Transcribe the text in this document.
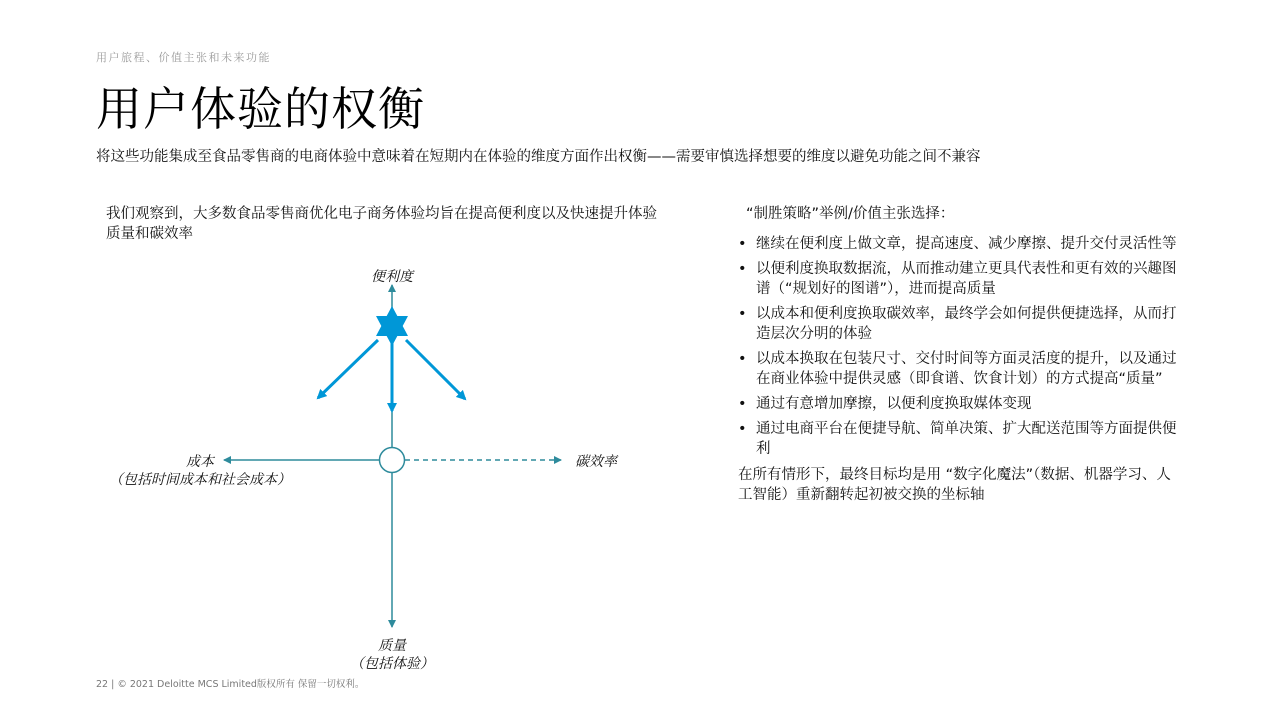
用户旅程、价值主张和未来功能
用户体验的权衡
将这些功能集成至食品零售商的电商体验中意味着在短期内在体验的维度方面作出权衡——需要审慎选择想要的维度以避免功能之间不兼容
我们观察到，大多数食品零售商优化电子商务体验均旨在提高便利度以及快速提升体验质量和碳效率
便利度
成本
（包括时间成本和社会成本）
碳效率
质量
（包括体验）
“制胜策略”举例/价值主张选择：
• 继续在便利度上做文章，提高速度、减少摩擦、提升交付灵活性等
• 以便利度换取数据流，从而推动建立更具代表性和更有效的兴趣图谱（“规划好的图谱”），进而提高质量
• 以成本和便利度换取碳效率，最终学会如何提供便捷选择，从而打造层次分明的体验
• 以成本换取在包装尺寸、交付时间等方面灵活度的提升，以及通过在商业体验中提供灵感（即食谱、饮食计划）的方式提高“质量”
• 通过有意增加摩擦，以便利度换取媒体变现
• 通过电商平台在便捷导航、简单决策、扩大配送范围等方面提供便利
在所有情形下，最终目标均是用 “数字化魔法”（数据、机器学习、人工智能）重新翻转起初被交换的坐标轴
22 | © 2021 Deloitte MCS Limited版权所有 保留一切权利。
